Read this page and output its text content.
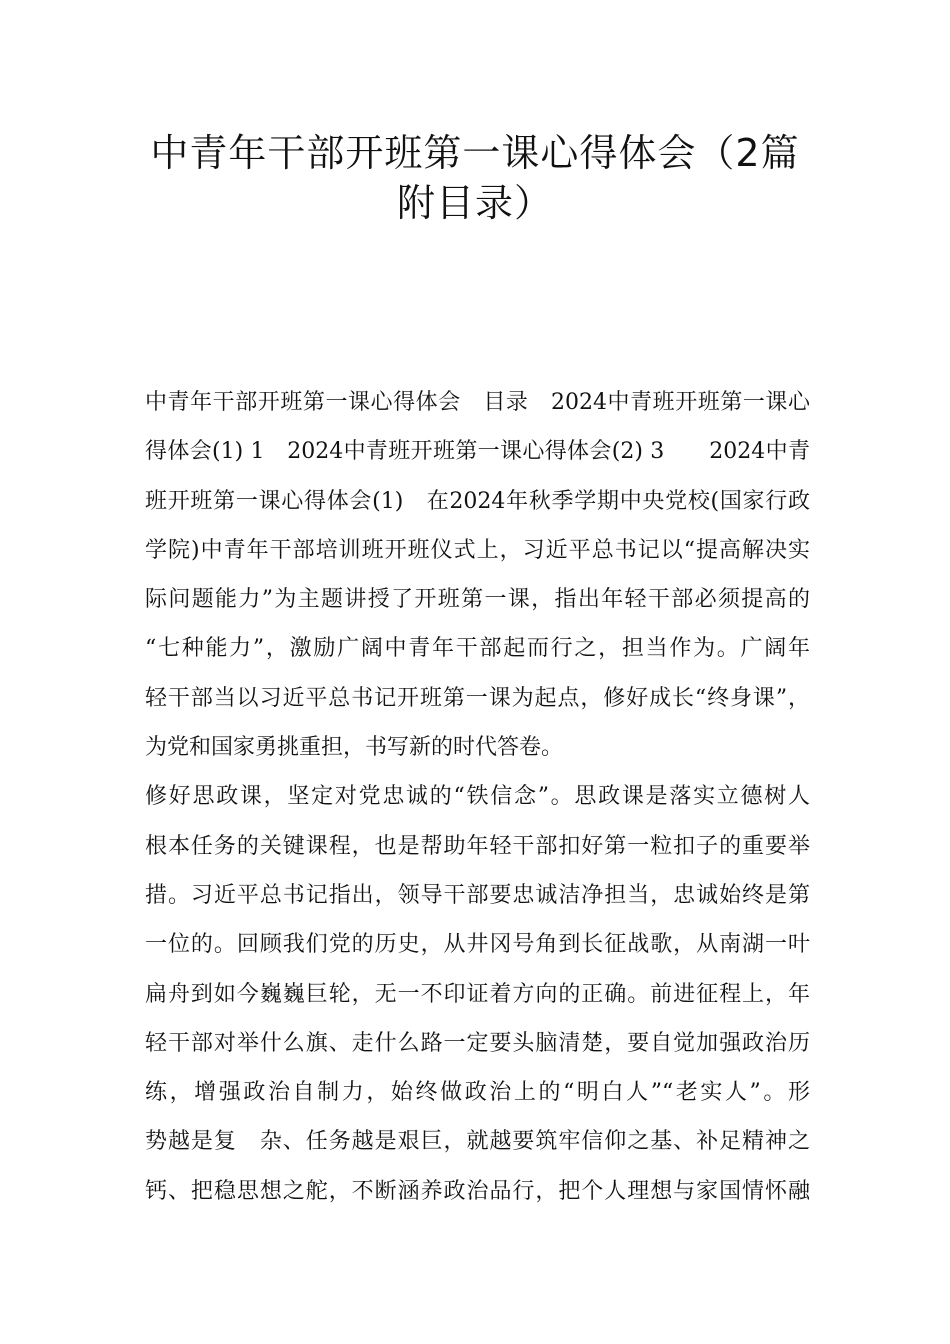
中青年干部开班第一课心得体会（2篇
附目录）
中青年干部开班第一课心得体会　目录　2024中青班开班第一课心
得体会(1) 1　2024中青班开班第一课心得体会(2) 3　　2024中青
班开班第一课心得体会(1)　在2024年秋季学期中央党校(国家行政
学院)中青年干部培训班开班仪式上，习近平总书记以“提高解决实
际问题能力”为主题讲授了开班第一课，指出年轻干部必须提高的
“七种能力”，激励广阔中青年干部起而行之，担当作为。广阔年
轻干部当以习近平总书记开班第一课为起点，修好成长“终身课”，
为党和国家勇挑重担，书写新的时代答卷。
修好思政课，坚定对党忠诚的“铁信念”。思政课是落实立德树人
根本任务的关键课程，也是帮助年轻干部扣好第一粒扣子的重要举
措。习近平总书记指出，领导干部要忠诚洁净担当，忠诚始终是第
一位的。回顾我们党的历史，从井冈号角到长征战歌，从南湖一叶
扁舟到如今巍巍巨轮，无一不印证着方向的正确。前进征程上，年
轻干部对举什么旗、走什么路一定要头脑清楚，要自觉加强政治历
练，增强政治自制力，始终做政治上的“明白人”“老实人”。形
势越是复　杂、任务越是艰巨，就越要筑牢信仰之基、补足精神之
钙、把稳思想之舵，不断涵养政治品行，把个人理想与家国情怀融
